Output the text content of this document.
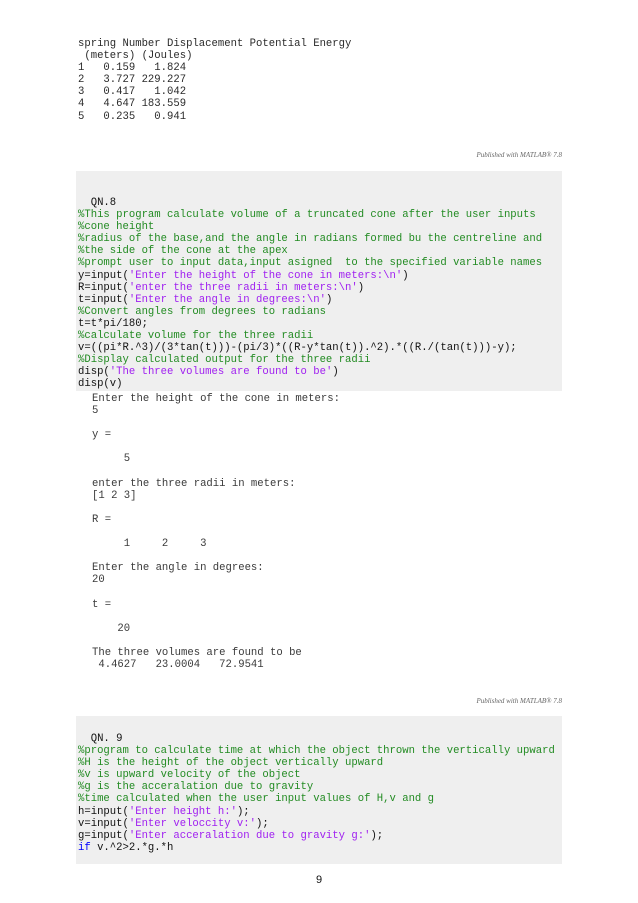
spring Number Displacement Potential Energy
(meters) (Joules)
1   0.159   1.824
2   3.727 229.227
3   0.417   1.042
4   4.647 183.559
5   0.235   0.941
Published with MATLAB® 7.8
QN.8
%This program calculate volume of a truncated cone after the user inputs
%cone height
%radius of the base,and the angle in radians formed bu the centreline and
%the side of the cone at the apex
%prompt user to input data,input asigned  to the specified variable names
y=input('Enter the height of the cone in meters:\n')
R=input('enter the three radii in meters:\n')
t=input('Enter the angle in degrees:\n')
%Convert angles from degrees to radians
t=t*pi/180;
%calculate volume for the three radii
v=((pi*R.^3)/(3*tan(t)))-(pi/3)*((R-y*tan(t)).^2).*((R./(tan(t)))-y);
%Display calculated output for the three radii
disp('The three volumes are found to be')
disp(v)
Enter the height of the cone in meters:
5

y =

5

enter the three radii in meters:
[1 2 3]

R =

1     2     3

Enter the angle in degrees:
20

t =

20

The three volumes are found to be
4.4627   23.0004   72.9541
Published with MATLAB® 7.8
QN. 9
%program to calculate time at which the object thrown the vertically upward
%H is the height of the object vertically upward
%v is upward velocity of the object
%g is the acceralation due to gravity
%time calculated when the user input values of H,v and g
h=input('Enter height h:');
v=input('Enter veloccity v:');
g=input('Enter acceralation due to gravity g:');
if v.^2>2.*g.*h
9
